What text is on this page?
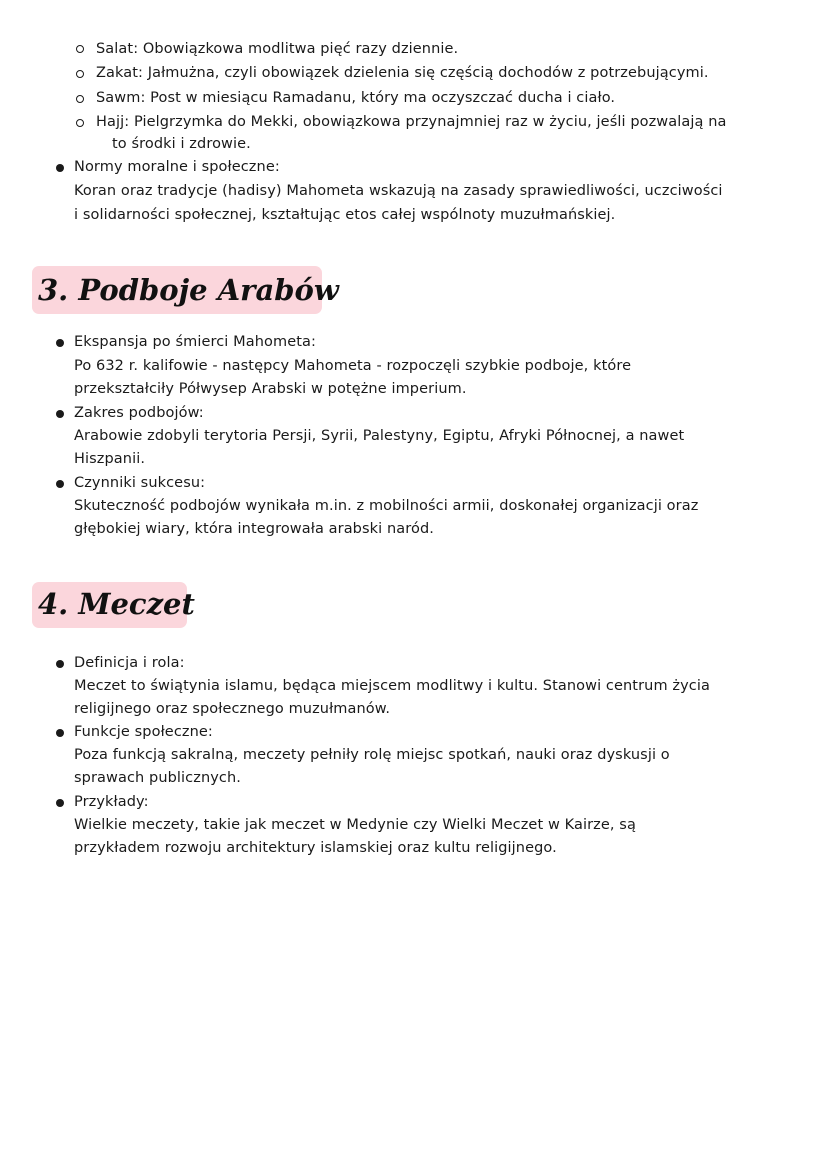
Salat: Obowiązkowa modlitwa pięć razy dziennie.
Zakat: Jałmużna, czyli obowiązek dzielenia się częścią dochodów z potrzebującymi.
Sawm: Post w miesiącu Ramadanu, który ma oczyszczać ducha i ciało.
Hajj: Pielgrzymka do Mekki, obowiązkowa przynajmniej raz w życiu, jeśli pozwalają na
to środki i zdrowie.
Normy moralne i społeczne:
Koran oraz tradycje (hadisy) Mahometa wskazują na zasady sprawiedliwości, uczciwości
i solidarności społecznej, kształtując etos całej wspólnoty muzułmańskiej.
3. Podboje Arabów
Ekspansja po śmierci Mahometa:
Po 632 r. kalifowie - następcy Mahometa - rozpoczęli szybkie podboje, które
przekształciły Półwysep Arabski w potężne imperium.
Zakres podbojów:
Arabowie zdobyli terytoria Persji, Syrii, Palestyny, Egiptu, Afryki Północnej, a nawet
Hiszpanii.
Czynniki sukcesu:
Skuteczność podbojów wynikała m.in. z mobilności armii, doskonałej organizacji oraz
głębokiej wiary, która integrowała arabski naród.
4. Meczet
Definicja i rola:
Meczet to świątynia islamu, będąca miejscem modlitwy i kultu. Stanowi centrum życia
religijnego oraz społecznego muzułmanów.
Funkcje społeczne:
Poza funkcją sakralną, meczety pełniły rolę miejsc spotkań, nauki oraz dyskusji o
sprawach publicznych.
Przykłady:
Wielkie meczety, takie jak meczet w Medynie czy Wielki Meczet w Kairze, są
przykładem rozwoju architektury islamskiej oraz kultu religijnego.
